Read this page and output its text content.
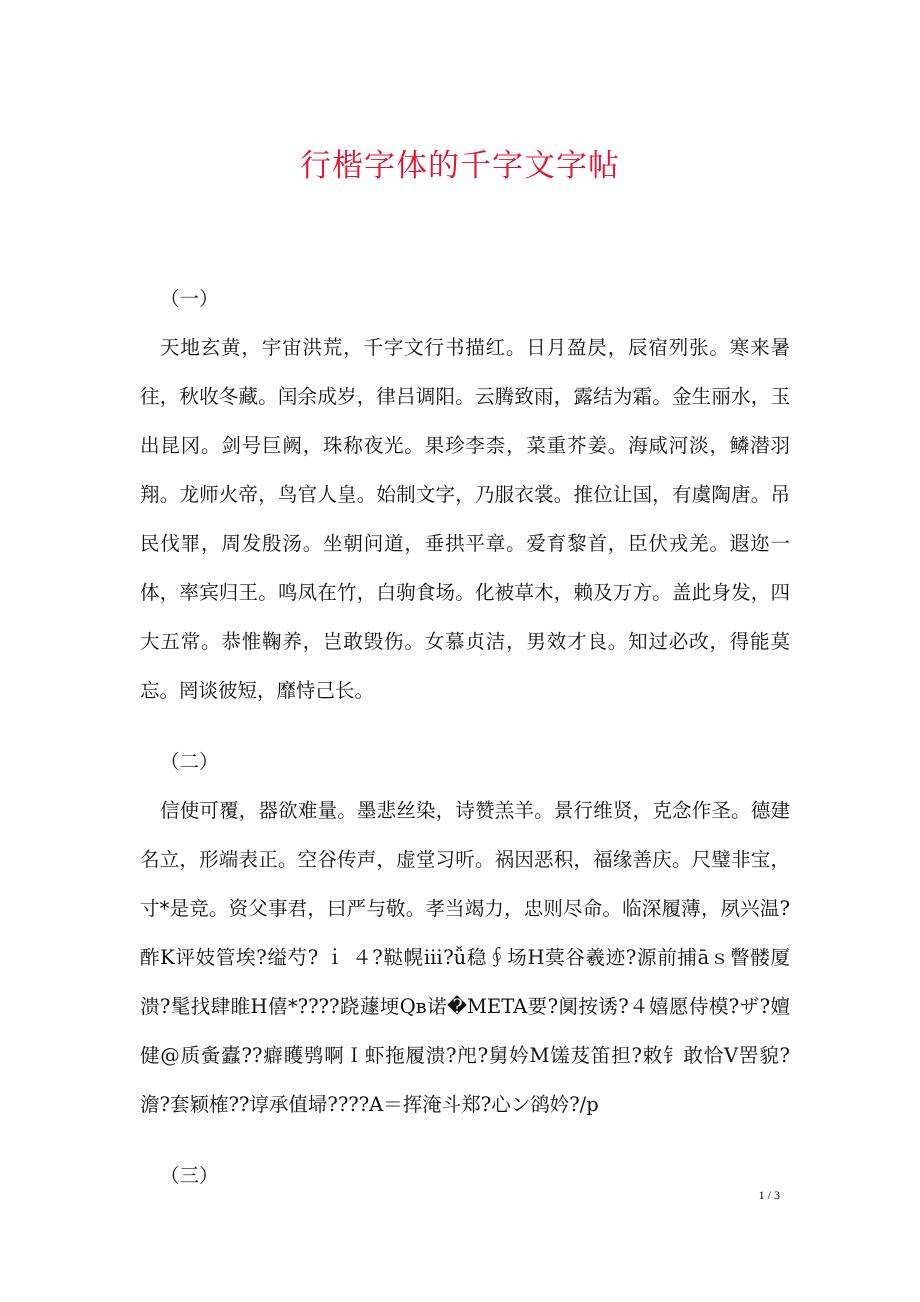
行楷字体的千字文字帖

（一）

天地玄黄，宇宙洪荒，千字文行书描红。日月盈昃，辰宿列张。寒来暑往，秋收冬藏。闰余成岁，律吕调阳。云腾致雨，露结为霜。金生丽水，玉出昆冈。剑号巨阙，珠称夜光。果珍李柰，菜重芥姜。海咸河淡，鳞潜羽翔。龙师火帝，鸟官人皇。始制文字，乃服衣裳。推位让国，有虞陶唐。吊民伐罪，周发殷汤。坐朝问道，垂拱平章。爱育黎首，臣伏戎羌。遐迩一体，率宾归王。鸣凤在竹，白驹食场。化被草木，赖及万方。盖此身发，四大五常。恭惟鞠养，岂敢毁伤。女慕贞洁，男效才良。知过必改，得能莫忘。罔谈彼短，靡恃己长。

（二）

信使可覆，器欲难量。墨悲丝染，诗赞羔羊。景行维贤，克念作圣。德建名立，形端表正。空谷传声，虚堂习听。祸因恶积，福缘善庆。尺璧非宝，寸*是竞。资父事君，曰严与敬。孝当竭力，忠则尽命。临深履薄，夙兴温?酢K评妓管埃?缢芍? ｉ ４?鞑幌ⅲ?ǚ稳∮场H蓂谷羲迹?源前捕āｓ瞥髅厦溃?髦找肆睢H僖*????跷蘧埂Qв诺�META要?阒按诱?４嬉愿侍模?ザ?嬗健@质夤蠹??癖矆鸮啊Ｉ虾拖履溃?戺?舅妗M馐芨笛担?敕钅敢恰V罟貌?澹?套颖榷??谆承值埽????A＝挥淹斗郑?心ン鹆妗?/p

（三）

1 / 3
